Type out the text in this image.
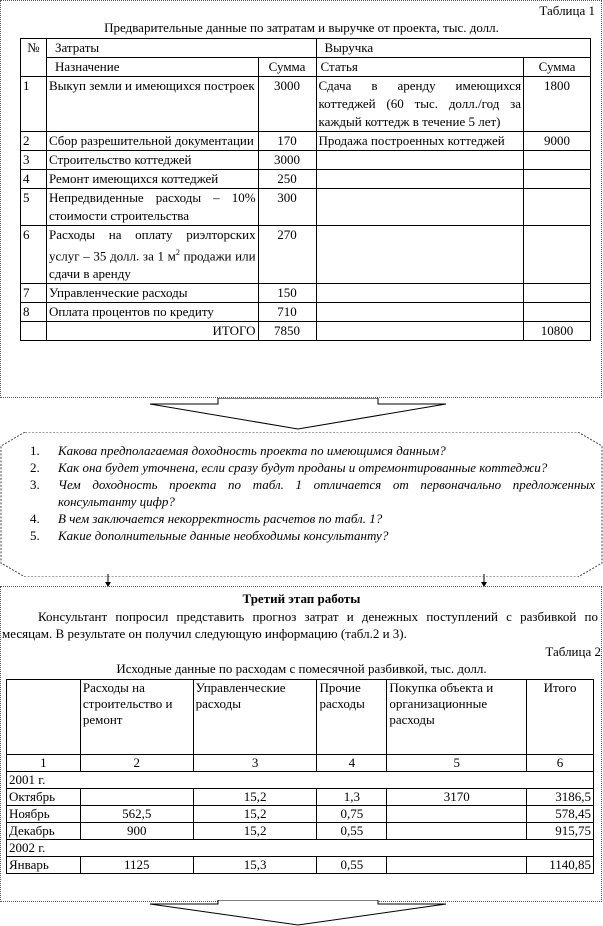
Таблица 1
Предварительные данные по затратам и выручке от проекта, тыс. долл.
№	Затраты		Выручка	
	Назначение	Сумма	Статья	Сумма
1	Выкуп земли и имеющихся построек	3000	Сдача в аренду имеющихся коттеджей (60 тыс. долл./год за каждый коттедж в течение 5 лет)	1800
2	Сбор разрешительной документации	170	Продажа построенных коттеджей	9000
3	Строительство коттеджей	3000		
4	Ремонт имеющихся коттеджей	250		
5	Непредвиденные расходы – 10% стоимости строительства	300		
6	Расходы на оплату риэлторских услуг – 35 долл. за 1 $м^2$ продажи или сдачи в аренду	270		
7	Управленческие расходы	150		
8	Оплата процентов по кредиту	710		
	ИТОГО	7850		10800
1. Какова предполагаемая доходность проекта по имеющимся данным?
2. Как она будет уточнена, если сразу будут проданы и отремонтированные коттеджи?
3. Чем доходность проекта по табл. 1 отличается от первоначально предложенных консультанту цифр?
4. В чем заключается некорректность расчетов по табл. 1?
5. Какие дополнительные данные необходимы консультанту?
Третий этап работы
Консультант попросил представить прогноз затрат и денежных поступлений с разбивкой по месяцам. В результате он получил следующую информацию (табл.2 и 3).
Таблица 2
Исходные данные по расходам с помесячной разбивкой, тыс. долл.
	Расходы на строительство и ремонт	Управленческие расходы	Прочие расходы	Покупка объекта и организационные расходы	Итого
1	2	3	4	5	6
2001 г.					
Октябрь		15,2	1,3	3170	3186,5
Ноябрь	562,5	15,2	0,75		578,45
Декабрь	900	15,2	0,55		915,75
2002 г.					
Январь	1125	15,3	0,55		1140,85
